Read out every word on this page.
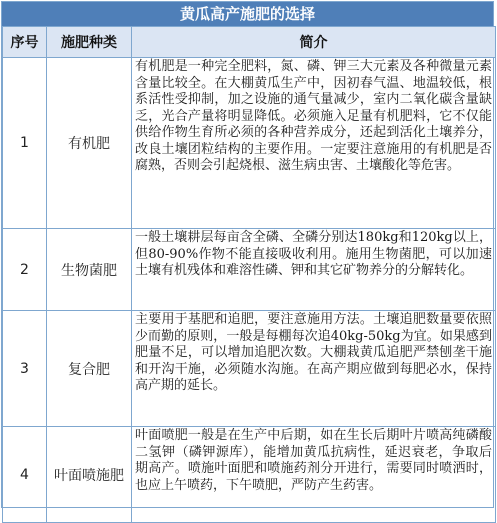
黄瓜高产施肥的选择
序号	施肥种类	简介
1	有机肥	有机肥是一种完全肥料，氮、磷、钾三大元素及各种微量元素含量比较全。在大棚黄瓜生产中，因初春气温、地温较低，根系活性受抑制，加之设施的通气量减少，室内二氧化碳含量缺乏，光合产量将明显降低。必须施入足量有机肥料，它不仅能供给作物生育所必须的各种营养成分，还起到活化土壤养分，改良土壤团粒结构的主要作用。一定要注意施用的有机肥是否腐熟，否则会引起烧根、滋生病虫害、土壤酸化等危害。
2	生物菌肥	一般土壤耕层每亩含全磷、全磷分别达180kg和120kg以上，但80-90%作物不能直接吸收利用。施用生物菌肥，可以加速土壤有机残体和难溶性磷、钾和其它矿物养分的分解转化。
3	复合肥	主要用于基肥和追肥，要注意施用方法。土壤追肥数量要依照少而勤的原则，一般是每棚每次追40kg-50kg为宜。如果感到肥量不足，可以增加追肥次数。大棚栽黄瓜追肥严禁刨垄干施和开沟干施，必须随水沟施。在高产期应做到每肥必水，保持高产期的延长。
4	叶面喷施肥	叶面喷肥一般是在生产中后期，如在生长后期叶片喷高纯磷酸二氢钾（磷钾源库），能增加黄瓜抗病性，延迟衰老，争取后期高产。喷施叶面肥和喷施药剂分开进行，需要同时喷洒时，也应上午喷药，下午喷肥，严防产生药害。
